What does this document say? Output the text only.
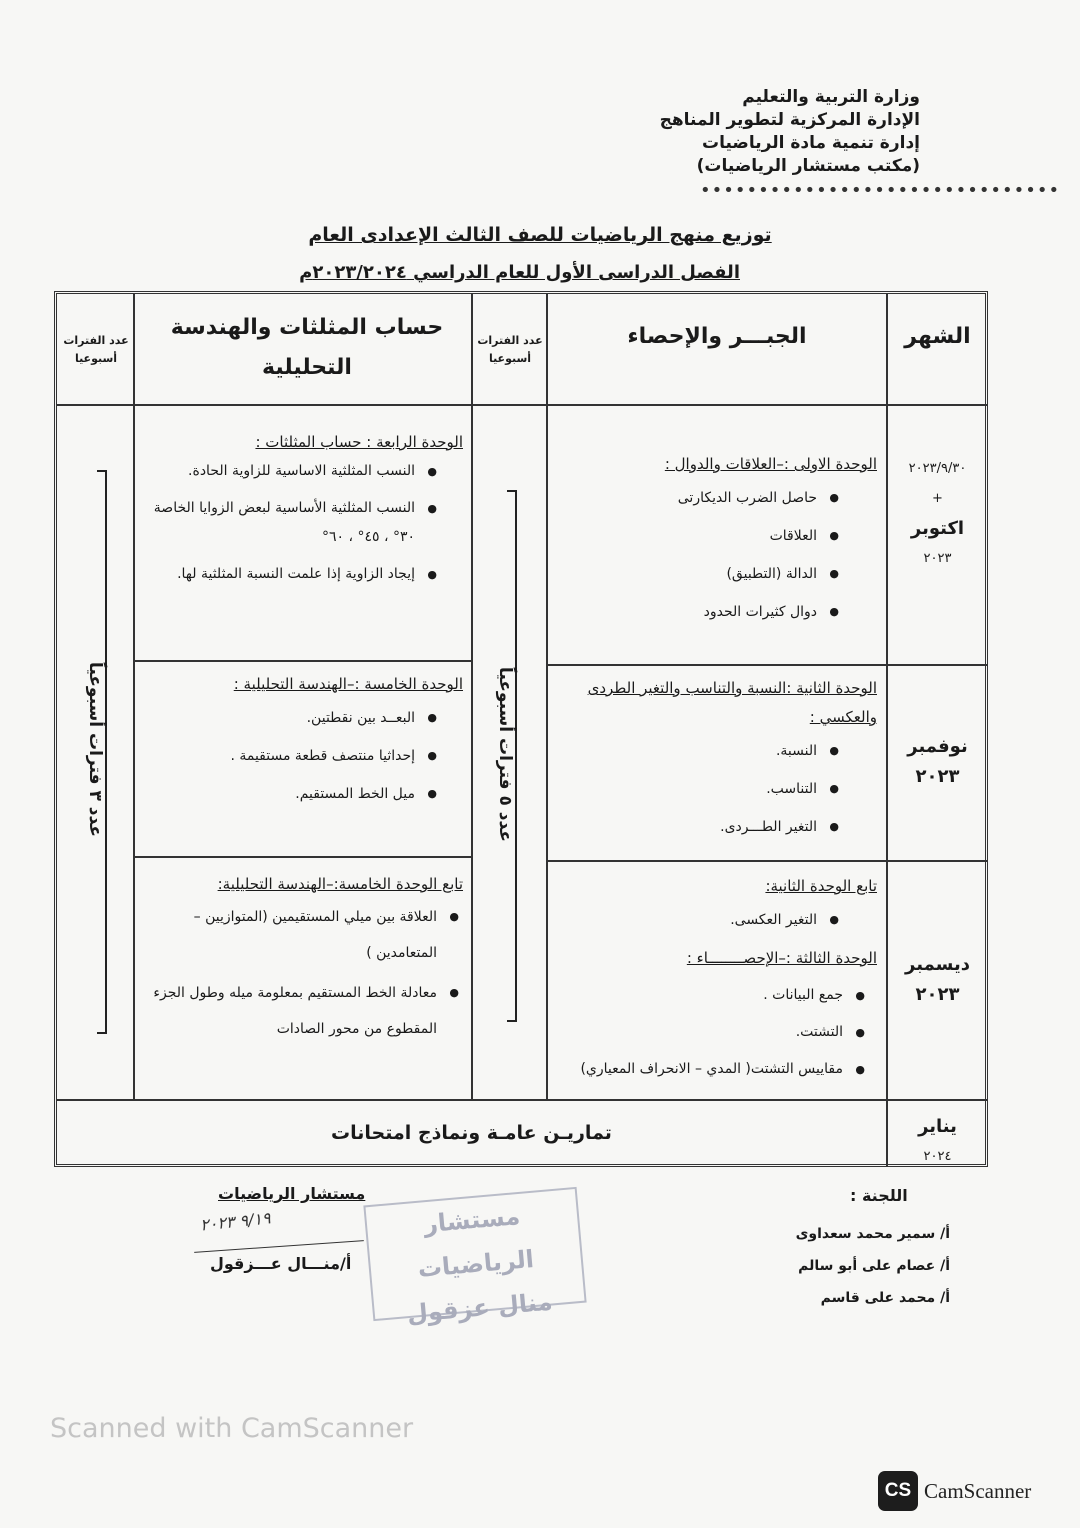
وزارة التربية والتعليم
الإدارة المركزية لتطوير المناهج
إدارة تنمية مادة الرياضيات
(مكتب مستشار الرياضيات)
•••••••••••••••••••••••••••••••
توزيع منهج الرياضيات للصف الثالث الإعدادى العام
الفصل الدراسى الأول للعام الدراسي ٢٠٢٣/٢٠٢٤م
الشهر
الجبـــر والإحصاء
عدد الفترات أسبوعيا
حساب المثلثات والهندسة التحليلية
عدد الفترات أسبوعيا
٢٠٢٣/٩/٣٠
+
اكتوبر
٢٠٢٣
نوفمبر
٢٠٢٣
ديسمبر
٢٠٢٣
الوحدة الاولى :–العلاقات والدوال :
● حاصل الضرب الديكارتى
● العلاقات
● الدالة (التطبيق)
● دوال كثيرات الحدود
الوحدة الثانية :النسبة والتناسب والتغير الطردى والعكسي :
● النسبة.
● التناسب.
● التغير الطـــردى.
تابع الوحدة الثانية:
● التغير العكسى.
الوحدة الثالثة :–الإحصــــــــاء :
● جمع البيانات .
● التشتت.
● مقاييس التشتت( المدي – الانحراف المعياري)
الوحدة الرابعة : حساب المثلثات :
● النسب المثلثية الاساسية للزاوية الحادة.
● النسب المثلثية الأساسية لبعض الزوايا الخاصة ٣٠° ، ٤٥° ، ٦٠°
● إيجاد الزاوية إذا علمت النسبة المثلثية لها.
الوحدة الخامسة :–الهندسة التحليلية :
● البعــد بين نقطتين.
● إحداثيا منتصف قطعة مستقيمة .
● ميل الخط المستقيم.
تابع الوحدة الخامسة:–الهندسة التحليلية:
● العلاقة بين ميلي المستقيمين (المتوازيين – المتعامدين )
● معادلة الخط المستقيم بمعلومة ميله وطول الجزء المقطوع من محور الصادات
عدد ٥ فترات أسبوعياً
عدد ٣ فترات أسبوعياً
يناير
٢٠٢٤
تماريـن عامـة ونماذج امتحانات
مستشار الرياضيات
٩/١٩ ٢٠٢٣
أ/منـــال عـــزقول
مستشار الرياضيات
منال عزقول
اللجنة :
أ/ سمير محمد سعداوى
أ/ عصام على أبو سالم
أ/ محمد على قاسم
Scanned with CamScanner
CS CamScanner
